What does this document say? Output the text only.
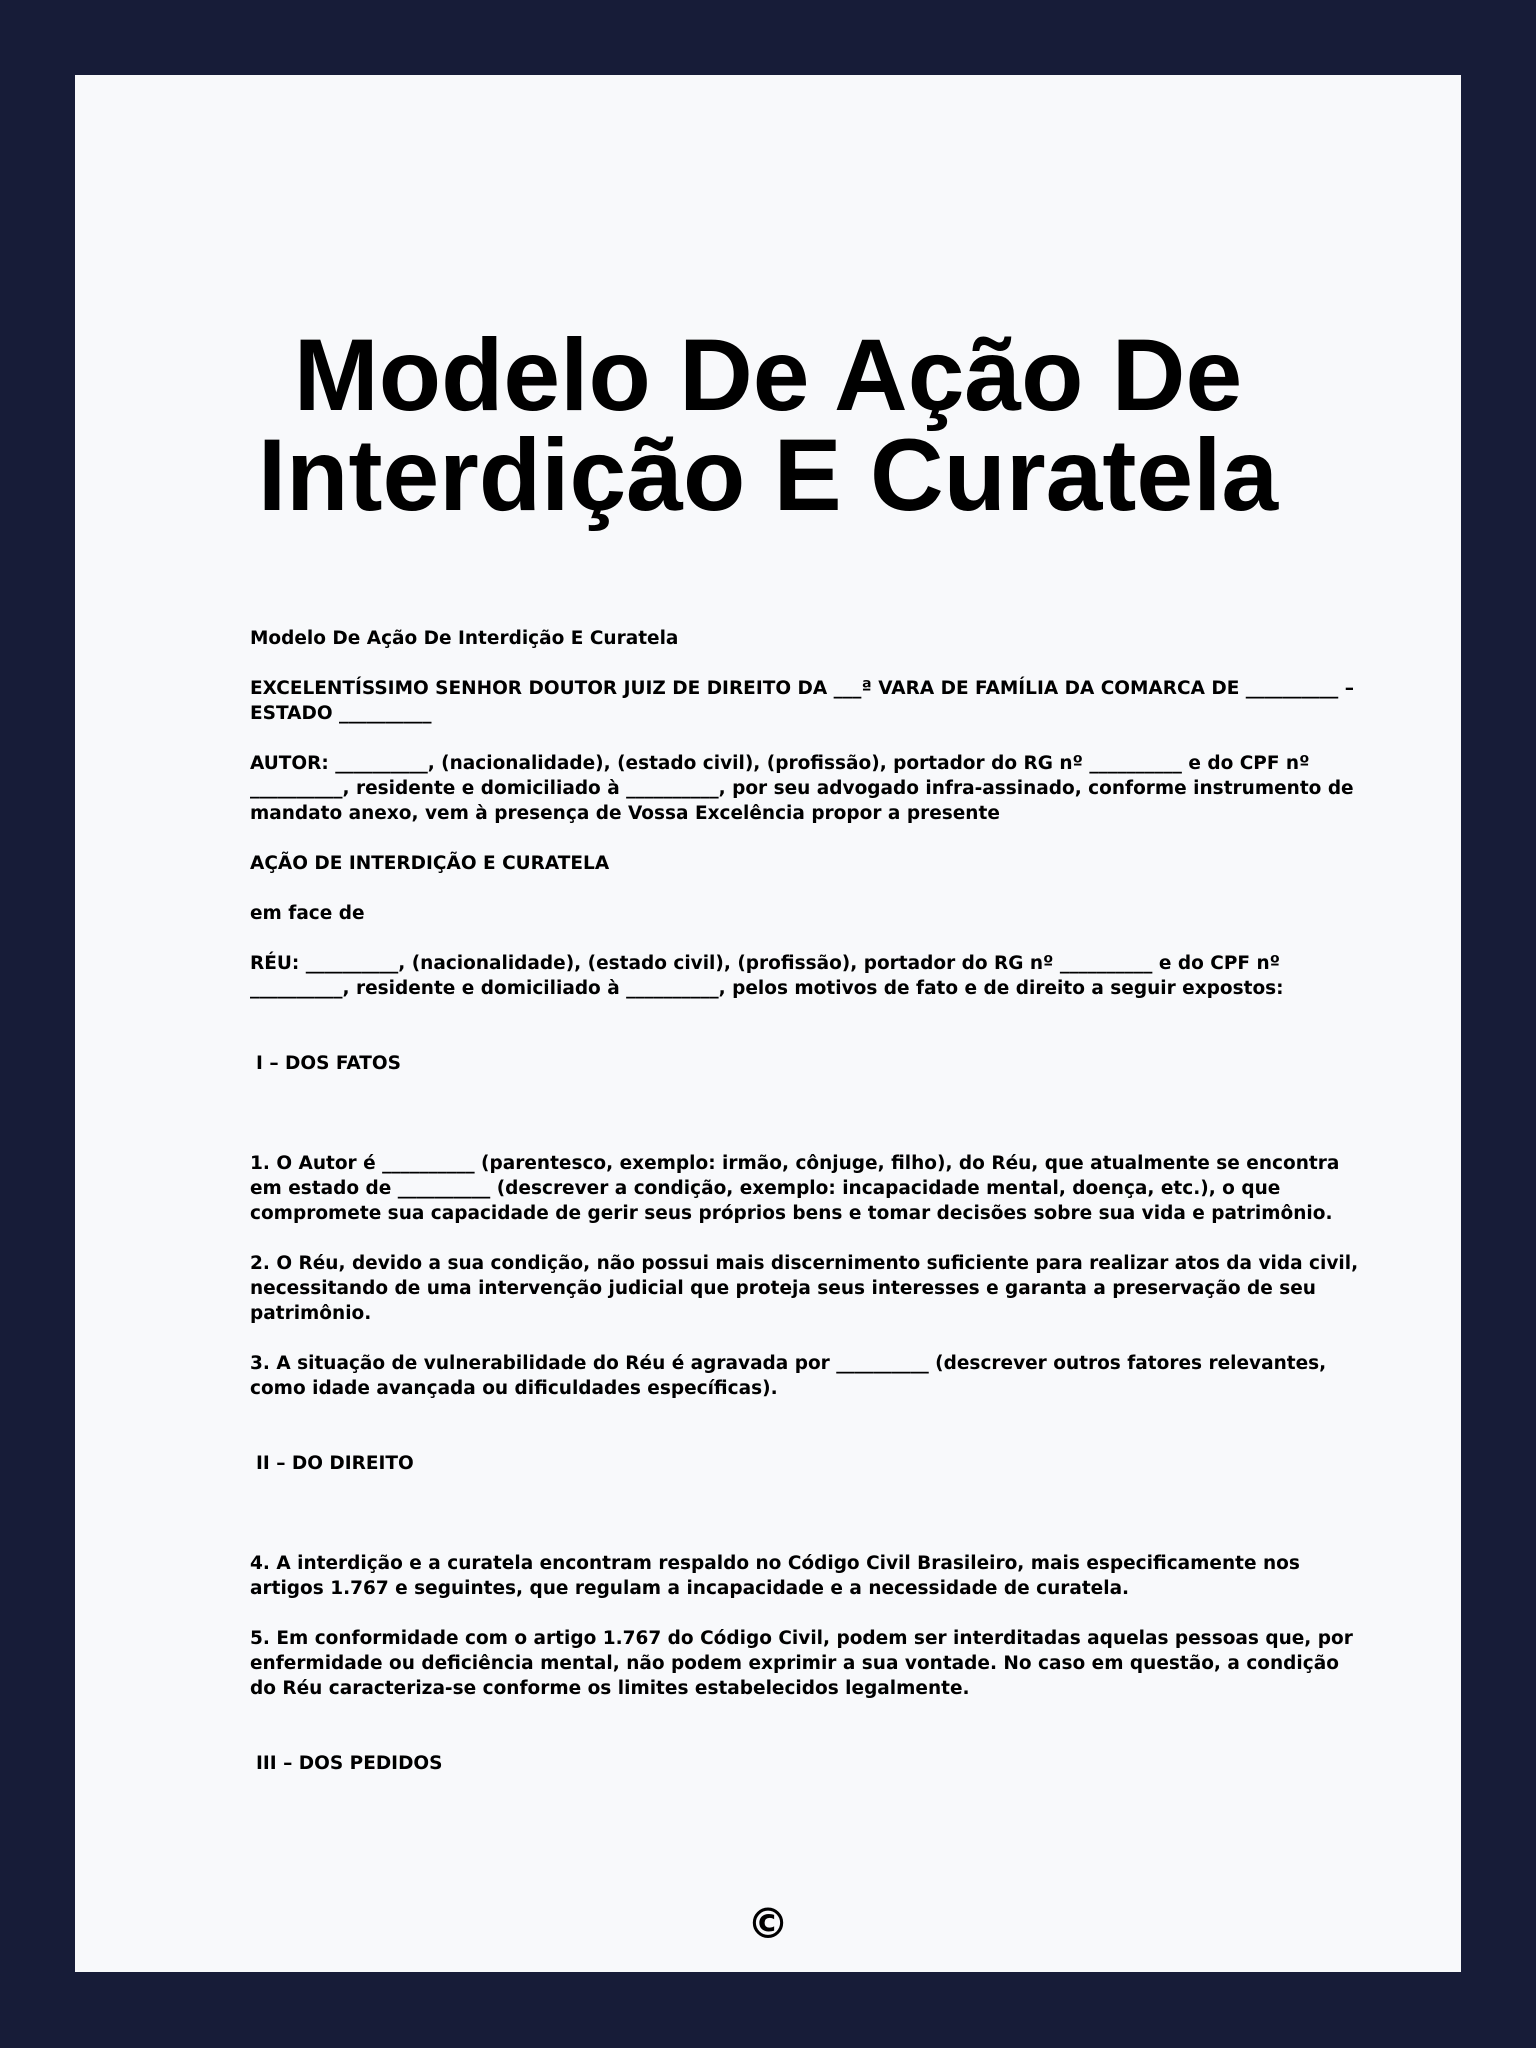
Modelo De Ação De
Interdição E Curatela

Modelo De Ação De Interdição E Curatela

EXCELENTÍSSIMO SENHOR DOUTOR JUIZ DE DIREITO DA ___ª VARA DE FAMÍLIA DA COMARCA DE __________ – ESTADO __________

AUTOR: __________, (nacionalidade), (estado civil), (profissão), portador do RG nº __________ e do CPF nº __________, residente e domiciliado à __________, por seu advogado infra-assinado, conforme instrumento de mandato anexo, vem à presença de Vossa Excelência propor a presente

AÇÃO DE INTERDIÇÃO E CURATELA

em face de

RÉU: __________, (nacionalidade), (estado civil), (profissão), portador do RG nº __________ e do CPF nº __________, residente e domiciliado à __________, pelos motivos de fato e de direito a seguir expostos:

I – DOS FATOS

1. O Autor é __________ (parentesco, exemplo: irmão, cônjuge, filho), do Réu, que atualmente se encontra em estado de __________ (descrever a condição, exemplo: incapacidade mental, doença, etc.), o que compromete sua capacidade de gerir seus próprios bens e tomar decisões sobre sua vida e patrimônio.

2. O Réu, devido a sua condição, não possui mais discernimento suficiente para realizar atos da vida civil, necessitando de uma intervenção judicial que proteja seus interesses e garanta a preservação de seu patrimônio.

3. A situação de vulnerabilidade do Réu é agravada por __________ (descrever outros fatores relevantes, como idade avançada ou dificuldades específicas).

II – DO DIREITO

4. A interdição e a curatela encontram respaldo no Código Civil Brasileiro, mais especificamente nos artigos 1.767 e seguintes, que regulam a incapacidade e a necessidade de curatela.

5. Em conformidade com o artigo 1.767 do Código Civil, podem ser interditadas aquelas pessoas que, por enfermidade ou deficiência mental, não podem exprimir a sua vontade. No caso em questão, a condição do Réu caracteriza-se conforme os limites estabelecidos legalmente.

III – DOS PEDIDOS
©
